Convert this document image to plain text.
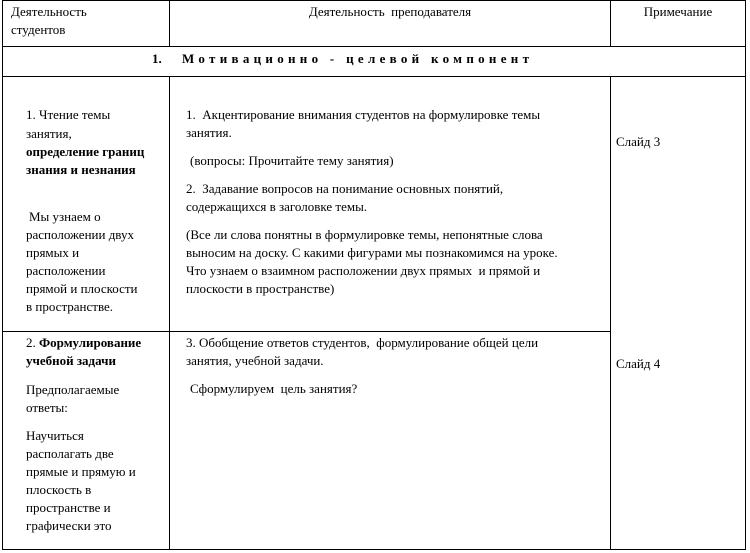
Деятельность
студентов
Деятельность  преподавателя	Примечание
1. Мотивационно - целевой компонент
1. Чтение темы
занятия,
определение границ
знания и незнания
Мы узнаем о
расположении двух
прямых и
расположении
прямой и плоскости
в пространстве.
1.  Акцентирование внимания студентов на формулировке темы
занятия.
(вопросы: Прочитайте тему занятия)
2.  Задавание вопросов на понимание основных понятий,
содержащихся в заголовке темы.
(Все ли слова понятны в формулировке темы, непонятные слова
выносим на доску. С какими фигурами мы познакомимся на уроке.
Что узнаем о взаимном расположении двух прямых  и прямой и
плоскости в пространстве)
Слайд 3
2. Формулирование
учебной задачи
Предполагаемые
ответы:
Научиться
располагать две
прямые и прямую и
плоскость в
пространстве и
графически это
3. Обобщение ответов студентов,  формулирование общей цели
занятия, учебной задачи.
Сформулируем  цель занятия?
Слайд 4
